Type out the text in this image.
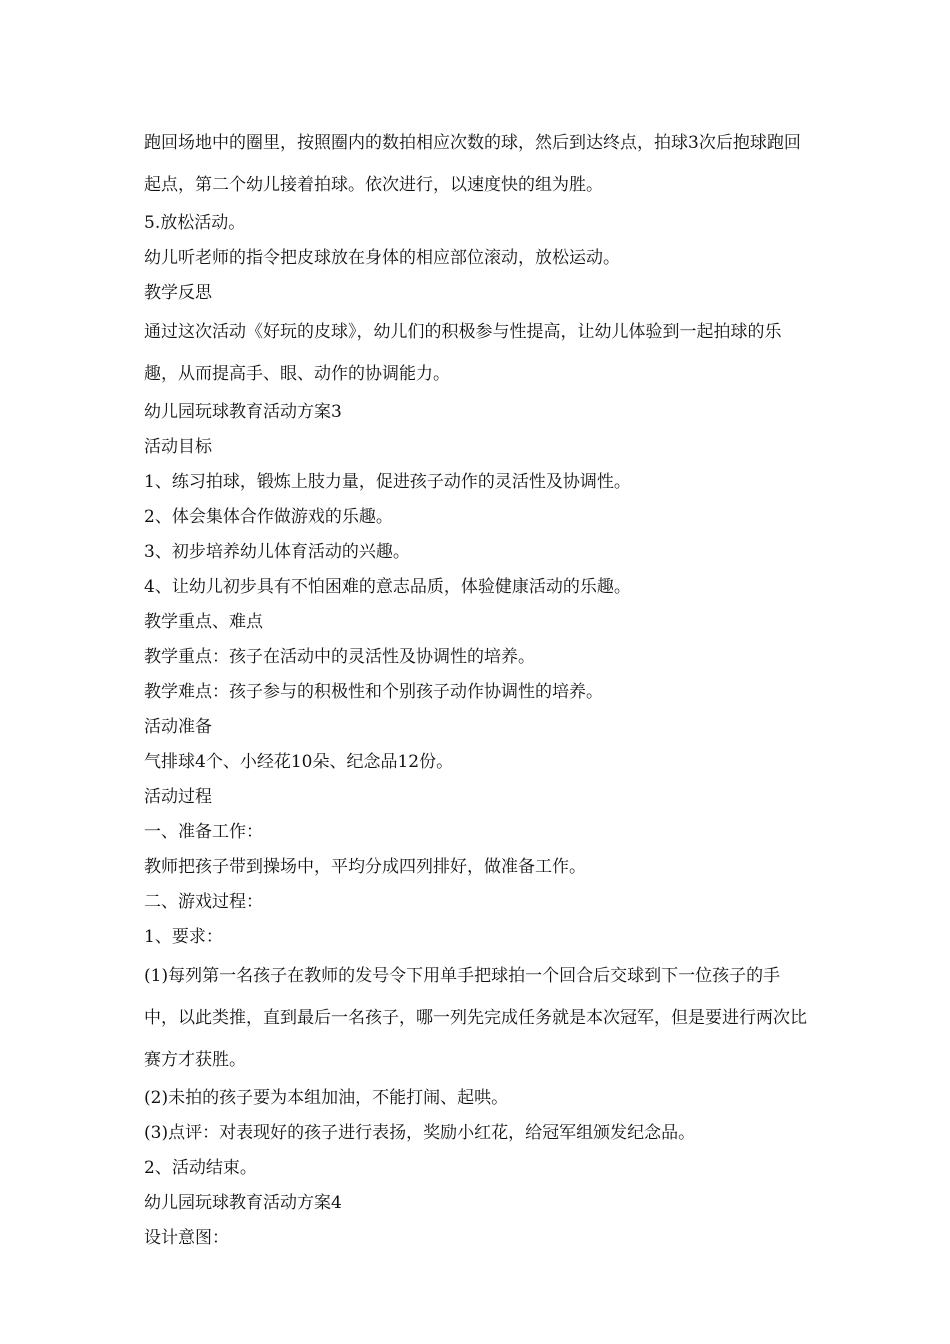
跑回场地中的圈里，按照圈内的数拍相应次数的球，然后到达终点，拍球3次后抱球跑回起点，第二个幼儿接着拍球。依次进行，以速度快的组为胜。

5.放松活动。

幼儿听老师的指令把皮球放在身体的相应部位滚动，放松运动。

教学反思

通过这次活动《好玩的皮球》，幼儿们的积极参与性提高，让幼儿体验到一起拍球的乐趣，从而提高手、眼、动作的协调能力。

幼儿园玩球教育活动方案3

活动目标

1、练习拍球，锻炼上肢力量，促进孩子动作的灵活性及协调性。

2、体会集体合作做游戏的乐趣。

3、初步培养幼儿体育活动的兴趣。

4、让幼儿初步具有不怕困难的意志品质，体验健康活动的乐趣。

教学重点、难点

教学重点：孩子在活动中的灵活性及协调性的培养。

教学难点：孩子参与的积极性和个别孩子动作协调性的培养。

活动准备

气排球4个、小经花10朵、纪念品12份。

活动过程

一、准备工作：

教师把孩子带到操场中，平均分成四列排好，做准备工作。

二、游戏过程：

1、要求：

(1)每列第一名孩子在教师的发号令下用单手把球拍一个回合后交球到下一位孩子的手中，以此类推，直到最后一名孩子，哪一列先完成任务就是本次冠军，但是要进行两次比赛方才获胜。

(2)未拍的孩子要为本组加油，不能打闹、起哄。

(3)点评：对表现好的孩子进行表扬，奖励小红花，给冠军组颁发纪念品。

2、活动结束。

幼儿园玩球教育活动方案4

设计意图：
